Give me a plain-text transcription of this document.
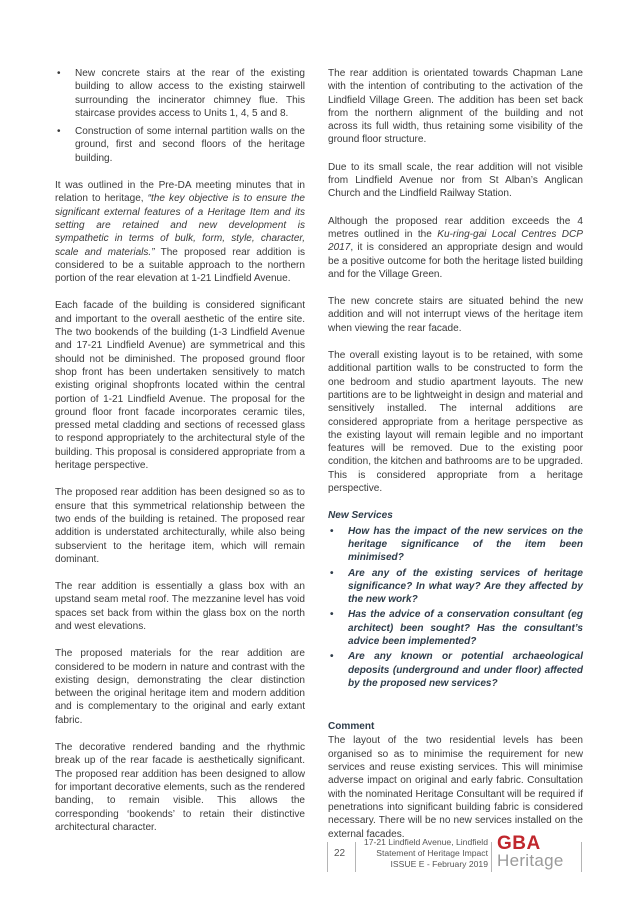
• New concrete stairs at the rear of the existing building to allow access to the existing stairwell surrounding the incinerator chimney flue. This staircase provides access to Units 1, 4, 5 and 8.
• Construction of some internal partition walls on the ground, first and second floors of the heritage building.

It was outlined in the Pre-DA meeting minutes that in relation to heritage, “the key objective is to ensure the significant external features of a Heritage Item and its setting are retained and new development is sympathetic in terms of bulk, form, style, character, scale and materials.” The proposed rear addition is considered to be a suitable approach to the northern portion of the rear elevation at 1-21 Lindfield Avenue.

Each facade of the building is considered significant and important to the overall aesthetic of the entire site. The two bookends of the building (1-3 Lindfield Avenue and 17-21 Lindfield Avenue) are symmetrical and this should not be diminished. The proposed ground floor shop front has been undertaken sensitively to match existing original shopfronts located within the central portion of 1-21 Lindfield Avenue. The proposal for the ground floor front facade incorporates ceramic tiles, pressed metal cladding and sections of recessed glass to respond appropriately to the architectural style of the building. This proposal is considered appropriate from a heritage perspective.

The proposed rear addition has been designed so as to ensure that this symmetrical relationship between the two ends of the building is retained. The proposed rear addition is understated architecturally, while also being subservient to the heritage item, which will remain dominant.

The rear addition is essentially a glass box with an upstand seam metal roof. The mezzanine level has void spaces set back from within the glass box on the north and west elevations.

The proposed materials for the rear addition are considered to be modern in nature and contrast with the existing design, demonstrating the clear distinction between the original heritage item and modern addition and is complementary to the original and early extant fabric.

The decorative rendered banding and the rhythmic break up of the rear facade is aesthetically significant. The proposed rear addition has been designed to allow for important decorative elements, such as the rendered banding, to remain visible. This allows the corresponding ‘bookends’ to retain their distinctive architectural character.

The rear addition is orientated towards Chapman Lane with the intention of contributing to the activation of the Lindfield Village Green. The addition has been set back from the northern alignment of the building and not across its full width, thus retaining some visibility of the ground floor structure.

Due to its small scale, the rear addition will not visible from Lindfield Avenue nor from St Alban’s Anglican Church and the Lindfield Railway Station.

Although the proposed rear addition exceeds the 4 metres outlined in the Ku-ring-gai Local Centres DCP 2017, it is considered an appropriate design and would be a positive outcome for both the heritage listed building and for the Village Green.

The new concrete stairs are situated behind the new addition and will not interrupt views of the heritage item when viewing the rear facade.

The overall existing layout is to be retained, with some additional partition walls to be constructed to form the one bedroom and studio apartment layouts. The new partitions are to be lightweight in design and material and sensitively installed. The internal additions are considered appropriate from a heritage perspective as the existing layout will remain legible and no important features will be removed. Due to the existing poor condition, the kitchen and bathrooms are to be upgraded. This is considered appropriate from a heritage perspective.

New Services
• How has the impact of the new services on the heritage significance of the item been minimised?
• Are any of the existing services of heritage significance? In what way? Are they affected by the new work?
• Has the advice of a conservation consultant (eg architect) been sought? Has the consultant’s advice been implemented?
• Are any known or potential archaeological deposits (underground and under floor) affected by the proposed new services?
Comment

The layout of the two residential levels has been organised so as to minimise the requirement for new services and reuse existing services. This will minimise adverse impact on original and early fabric. Consultation with the nominated Heritage Consultant will be required if penetrations into significant building fabric is considered necessary. There will be no new services installed on the external facades.

22
17-21 Lindfield Avenue, Lindfield
Statement of Heritage Impact
ISSUE E - February 2019
GBA
Heritage
